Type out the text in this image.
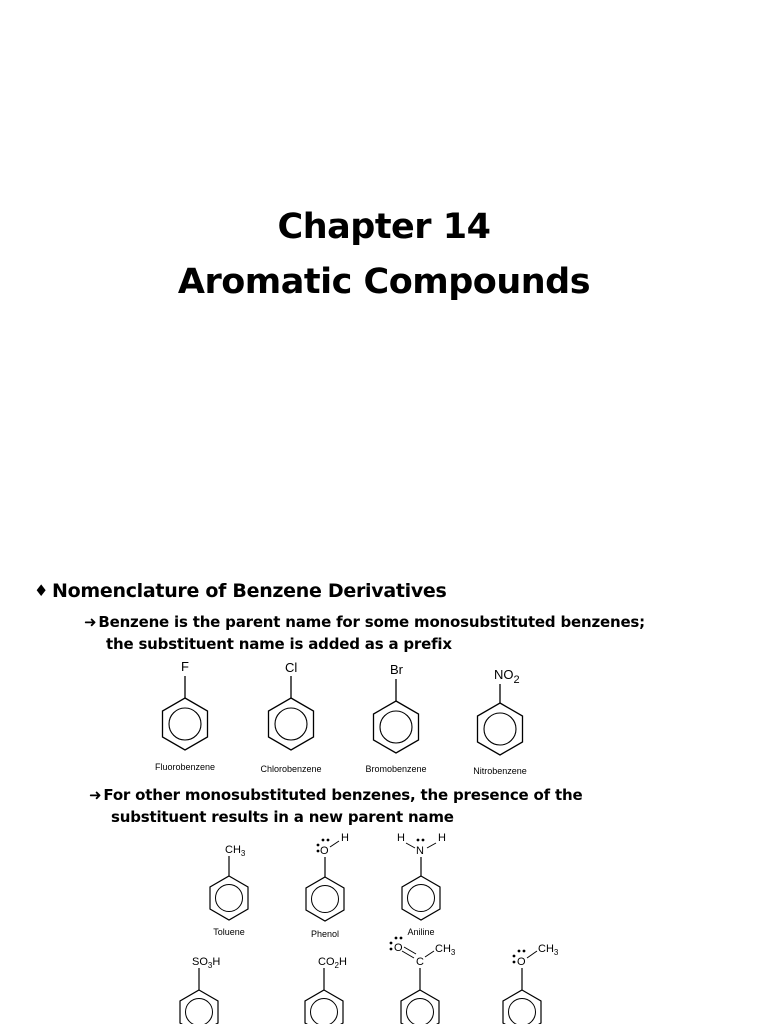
Chapter 14
Aromatic Compounds
♦ Nomenclature of Benzene Derivatives
➜ Benzene is the parent name for some monosubstituted benzenes;
the substituent name is added as a prefix
➜ For other monosubstituted benzenes, the presence of the
substituent results in a new parent name
F	Cl	Br	$NO_2$
$CH_3$	O
H
N
H	H
$SO_3H$	$CO_2H$	C
O	$CH_3$
O
$CH_3$
Fluorobenzene	Chlorobenzene	Bromobenzene	Nitrobenzene
Toluene	Phenol	Aniline
